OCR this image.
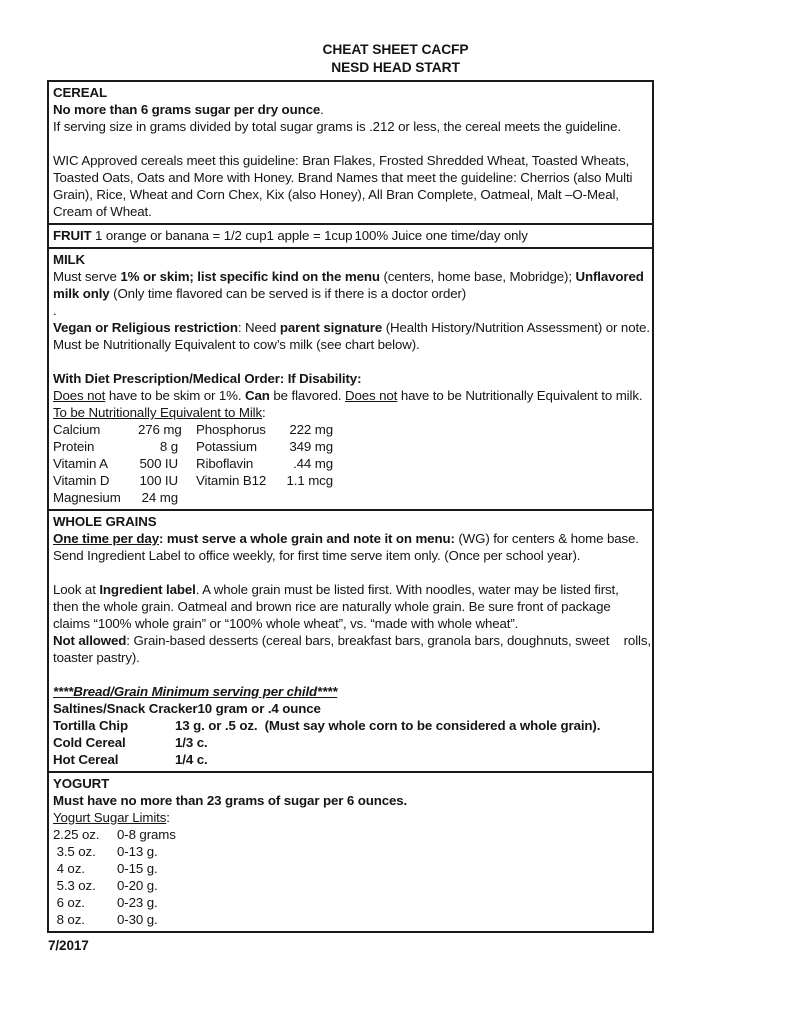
CHEAT SHEET CACFP
NESD HEAD START
CEREAL
No more than 6 grams sugar per dry ounce.
If serving size in grams divided by total sugar grams is .212 or less, the cereal meets the guideline.

WIC Approved cereals meet this guideline: Bran Flakes, Frosted Shredded Wheat, Toasted Wheats,
Toasted Oats, Oats and More with Honey. Brand Names that meet the guideline: Cherrios (also Multi
Grain), Rice, Wheat and Corn Chex, Kix (also Honey), All Bran Complete, Oatmeal, Malt –O-Meal,
Cream of Wheat.
FRUIT 1 orange or banana = 1/2 cup1 apple = 1cup 100% Juice one time/day only
MILK
Must serve 1% or skim; list specific kind on the menu (centers, home base, Mobridge); Unflavored
milk only (Only time flavored can be served is if there is a doctor order)
.
Vegan or Religious restriction: Need parent signature (Health History/Nutrition Assessment) or note.
Must be Nutritionally Equivalent to cow’s milk (see chart below).

With Diet Prescription/Medical Order: If Disability:
Does not have to be skim or 1%. Can be flavored. Does not have to be Nutritionally Equivalent to milk.
To be Nutritionally Equivalent to Milk:
Calcium	276 mg Phosphorus 222 mg
Protein	8 g Potassium 349 mg
Vitamin A 500 IU Riboflavin	.44 mg
Vitamin D 100 IU Vitamin B12 1.1 mcg
Magnesium 24 mg
WHOLE GRAINS
One time per day: must serve a whole grain and note it on menu: (WG) for centers & home base.
Send Ingredient Label to office weekly, for first time serve item only. (Once per school year).

Look at Ingredient label. A whole grain must be listed first. With noodles, water may be listed first,
then the whole grain. Oatmeal and brown rice are naturally whole grain. Be sure front of package
claims “100% whole grain” or “100% whole wheat”, vs. “made with whole wheat”.
Not allowed: Grain-based desserts (cereal bars, breakfast bars, granola bars, doughnuts, sweet    rolls,
toaster pastry).

****Bread/Grain Minimum serving per child****
Saltines/Snack Cracker10 gram or .4 ounce
Tortilla Chip	13 g. or .5 oz.  (Must say whole corn to be considered a whole grain).
Cold Cereal	1/3 c.
Hot Cereal	1/4 c.
YOGURT
Must have no more than 23 grams of sugar per 6 ounces.
Yogurt Sugar Limits:
2.25 oz. 0-8 grams
3.5 oz. 0-13 g.
4 oz. 0-15 g.
5.3 oz. 0-20 g.
6 oz. 0-23 g.
8 oz. 0-30 g.
7/2017
